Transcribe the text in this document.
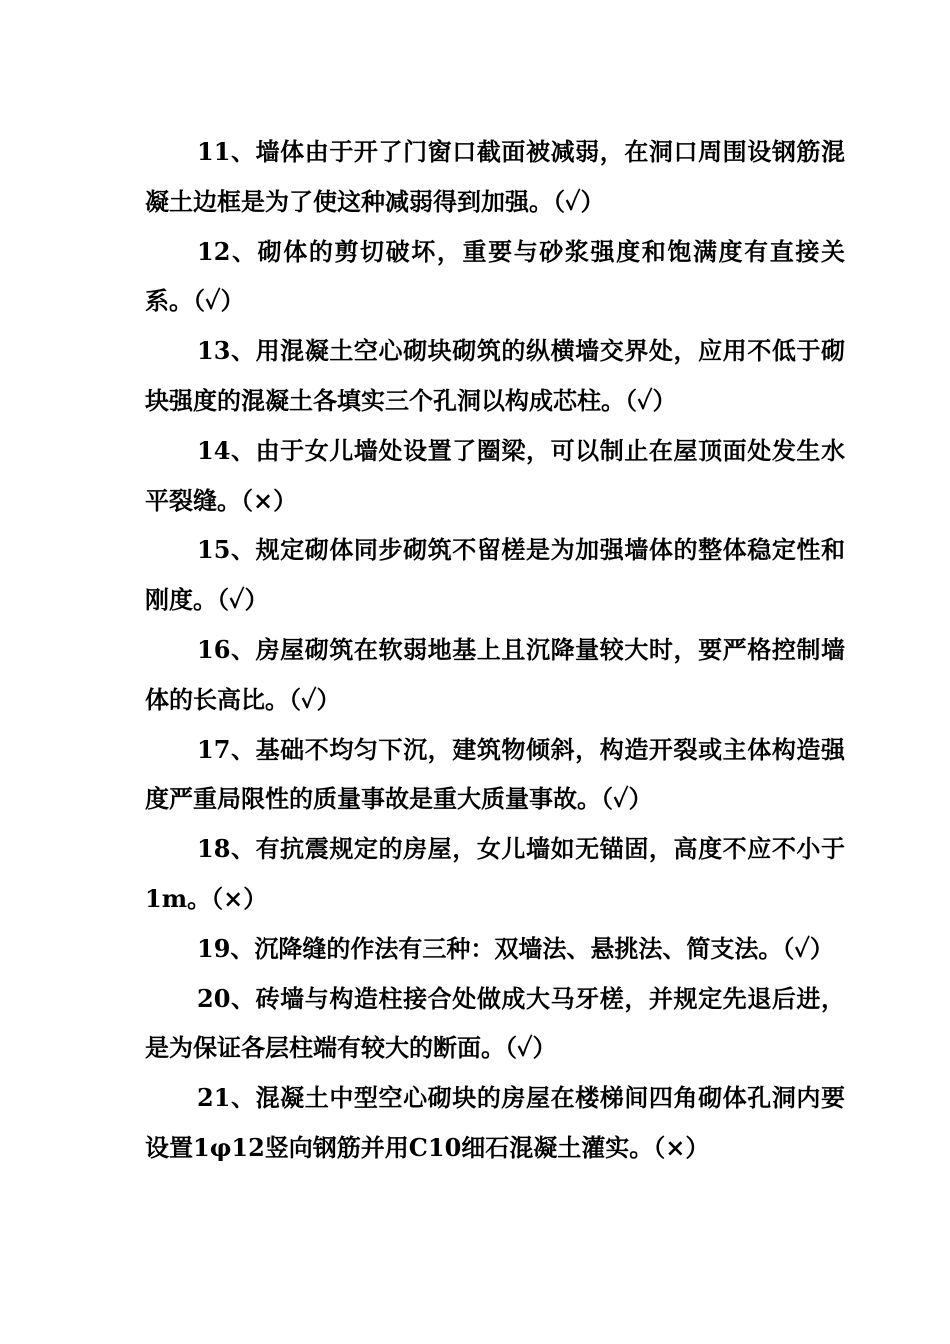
11、墙体由于开了门窗口截面被减弱，在洞口周围设钢筋混凝土边框是为了使这种减弱得到加强。（✓）

12、砌体的剪切破坏，重要与砂浆强度和饱满度有直接关系。（✓）

13、用混凝土空心砌块砌筑的纵横墙交界处，应用不低于砌块强度的混凝土各填实三个孔洞以构成芯柱。（✓）

14、由于女儿墙处设置了圈梁，可以制止在屋顶面处发生水平裂缝。（×）

15、规定砌体同步砌筑不留槎是为加强墙体的整体稳定性和刚度。（✓）

16、房屋砌筑在软弱地基上且沉降量较大时，要严格控制墙体的长高比。（✓）

17、基础不均匀下沉，建筑物倾斜，构造开裂或主体构造强度严重局限性的质量事故是重大质量事故。（✓）

18、有抗震规定的房屋，女儿墙如无锚固，高度不应不小于1m。（×）

19、沉降缝的作法有三种：双墙法、悬挑法、简支法。（✓）

20、砖墙与构造柱接合处做成大马牙槎，并规定先退后进，是为保证各层柱端有较大的断面。（✓）

21、混凝土中型空心砌块的房屋在楼梯间四角砌体孔洞内要设置1φ12竖向钢筋并用C10细石混凝土灌实。（×）
